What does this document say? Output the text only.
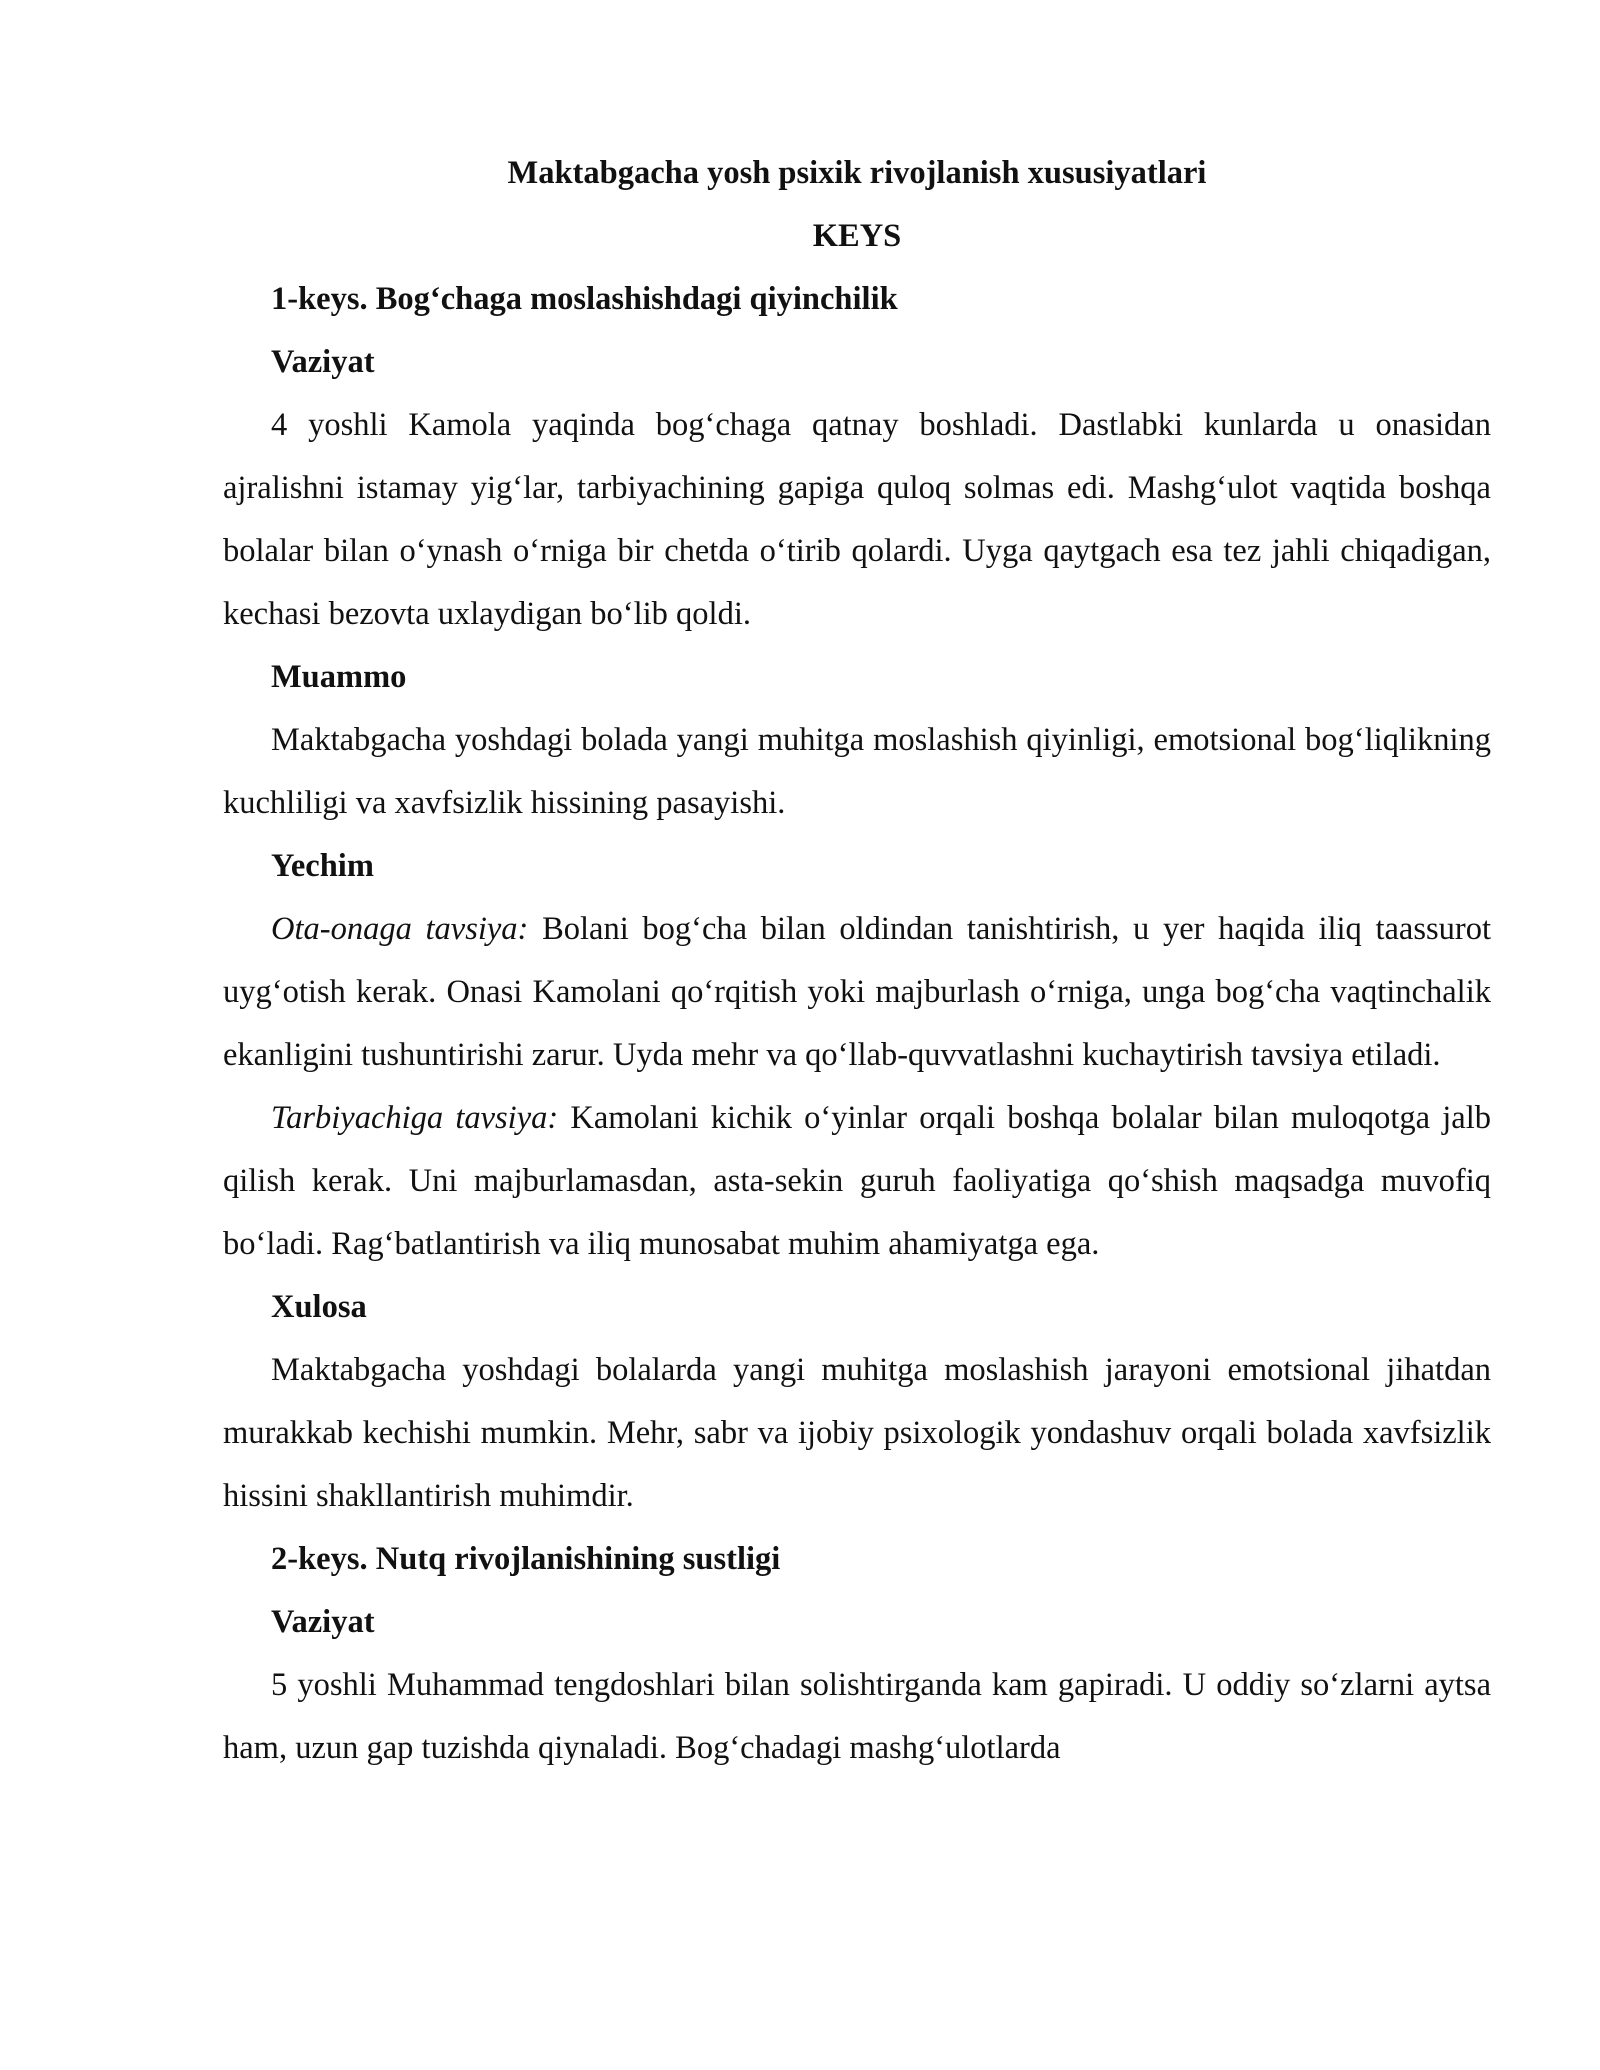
Maktabgacha yosh psixik rivojlanish xususiyatlari

KEYS

1-keys. Bog‘chaga moslashishdagi qiyinchilik

Vaziyat

4 yoshli Kamola yaqinda bog‘chaga qatnay boshladi. Dastlabki kunlarda u onasidan ajralishni istamay yig‘lar, tarbiyachining gapiga quloq solmas edi. Mashg‘ulot vaqtida boshqa bolalar bilan o‘ynash o‘rniga bir chetda o‘tirib qolardi. Uyga qaytgach esa tez jahli chiqadigan, kechasi bezovta uxlaydigan bo‘lib qoldi.

Muammo

Maktabgacha yoshdagi bolada yangi muhitga moslashish qiyinligi, emotsional bog‘liqlikning kuchliligi va xavfsizlik hissining pasayishi.

Yechim

Ota-onaga tavsiya: Bolani bog‘cha bilan oldindan tanishtirish, u yer haqida iliq taassurot uyg‘otish kerak. Onasi Kamolani qo‘rqitish yoki majburlash o‘rniga, unga bog‘cha vaqtinchalik ekanligini tushuntirishi zarur. Uyda mehr va qo‘llab-quvvatlashni kuchaytirish tavsiya etiladi.

Tarbiyachiga tavsiya: Kamolani kichik o‘yinlar orqali boshqa bolalar bilan muloqotga jalb qilish kerak. Uni majburlamasdan, asta-sekin guruh faoliyatiga qo‘shish maqsadga muvofiq bo‘ladi. Rag‘batlantirish va iliq munosabat muhim ahamiyatga ega.

Xulosa

Maktabgacha yoshdagi bolalarda yangi muhitga moslashish jarayoni emotsional jihatdan murakkab kechishi mumkin. Mehr, sabr va ijobiy psixologik yondashuv orqali bolada xavfsizlik hissini shakllantirish muhimdir.

2-keys. Nutq rivojlanishining sustligi

Vaziyat

5 yoshli Muhammad tengdoshlari bilan solishtirganda kam gapiradi. U oddiy so‘zlarni aytsa ham, uzun gap tuzishda qiynaladi. Bog‘chadagi mashg‘ulotlarda
